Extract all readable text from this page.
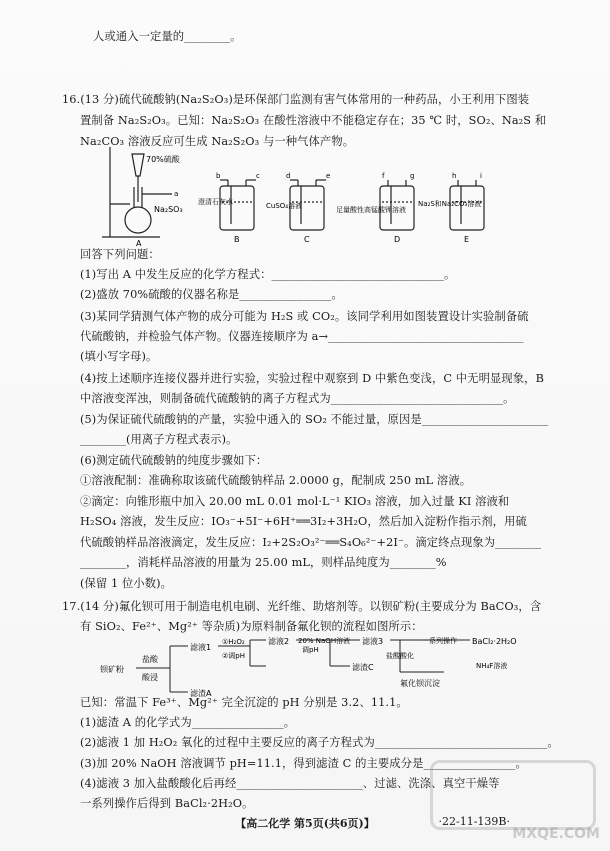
人或通入一定量的________。
16.(13 分)硫代硫酸钠(Na₂S₂O₃)是环保部门监测有害气体常用的一种药品，小王利用下图装
置制备 Na₂S₂O₃。已知：Na₂S₂O₃ 在酸性溶液中不能稳定存在；35 ℃ 时，SO₂、Na₂S 和
Na₂CO₃ 溶液反应可生成 Na₂S₂O₃ 与一种气体产物。
70%硫酸
Na₂SO₃
澄清石灰水	CuSO₄溶液	足量酸性高锰酸钾溶液
Na₂S和Na₂CO₃溶液
A	B	C	D	E
a
b	c	d	e	f	g	h	i
回答下列问题：
(1)写出 A 中发生反应的化学方程式：______________________________。
(2)盛放 70%硫酸的仪器名称是________________。
(3)某同学猜测气体产物的成分可能为 H₂S 或 CO₂。该同学利用如图装置设计实验制备硫
代硫酸钠，并检验气体产物。仪器连接顺序为 a→__________________________________
(填小写字母)。
(4)按上述顺序连接仪器并进行实验，实验过程中观察到 D 中紫色变浅，C 中无明显现象，B
中溶液变浑浊，则制备硫代硫酸钠的离子方程式为______________________________。
(5)为保证硫代硫酸钠的产量，实验中通入的 SO₂ 不能过量，原因是______________________
________(用离子方程式表示)。
(6)测定硫代硫酸钠的纯度步骤如下：
①溶液配制：准确称取该硫代硫酸钠样品 2.0000 g，配制成 250 mL 溶液。
②滴定：向锥形瓶中加入 20.00 mL 0.01 mol·L⁻¹ KIO₃ 溶液，加入过量 KI 溶液和
H₂SO₄ 溶液，发生反应：IO₃⁻+5I⁻+6H⁺══3I₂+3H₂O，然后加入淀粉作指示剂，用硫
代硫酸钠样品溶液滴定，发生反应：I₂+2S₂O₃²⁻══S₄O₆²⁻+2I⁻。滴定终点现象为________
________，消耗样品溶液的用量为 25.00 mL，则样品纯度为________%
(保留 1 位小数)。
17.(14 分)氟化钡可用于制造电机电刷、光纤维、助熔剂等。以钡矿粉(主要成分为 BaCO₃，含
有 SiO₂、Fe²⁺、Mg²⁺ 等杂质)为原料制备氟化钡的流程如图所示：
钡矿粉
盐酸
酸浸
滤液1
滤渣A
①H₂O₂
②调pH
滤液2 20% NaOH溶液
调pH
滤液3
滤渣C
盐酸酸化
一系列操作 BaCl₂·2H₂O
NH₄F溶液
氟化钡沉淀
已知：常温下 Fe³⁺、Mg²⁺ 完全沉淀的 pH 分别是 3.2、11.1。
(1)滤渣 A 的化学式为________________。
(2)滤液 1 加 H₂O₂ 氧化的过程中主要反应的离子方程式为______________________________。
(3)加 20% NaOH 溶液调节 pH=11.1，得到滤渣 C 的主要成分是________________。
(4)滤液 3 加入盐酸酸化后再经______________________、过滤、洗涤、真空干燥等
一系列操作后得到 BaCl₂·2H₂O。
【高二化学 第5页(共6页)】	·22-11-139B·
MXQE.COM
